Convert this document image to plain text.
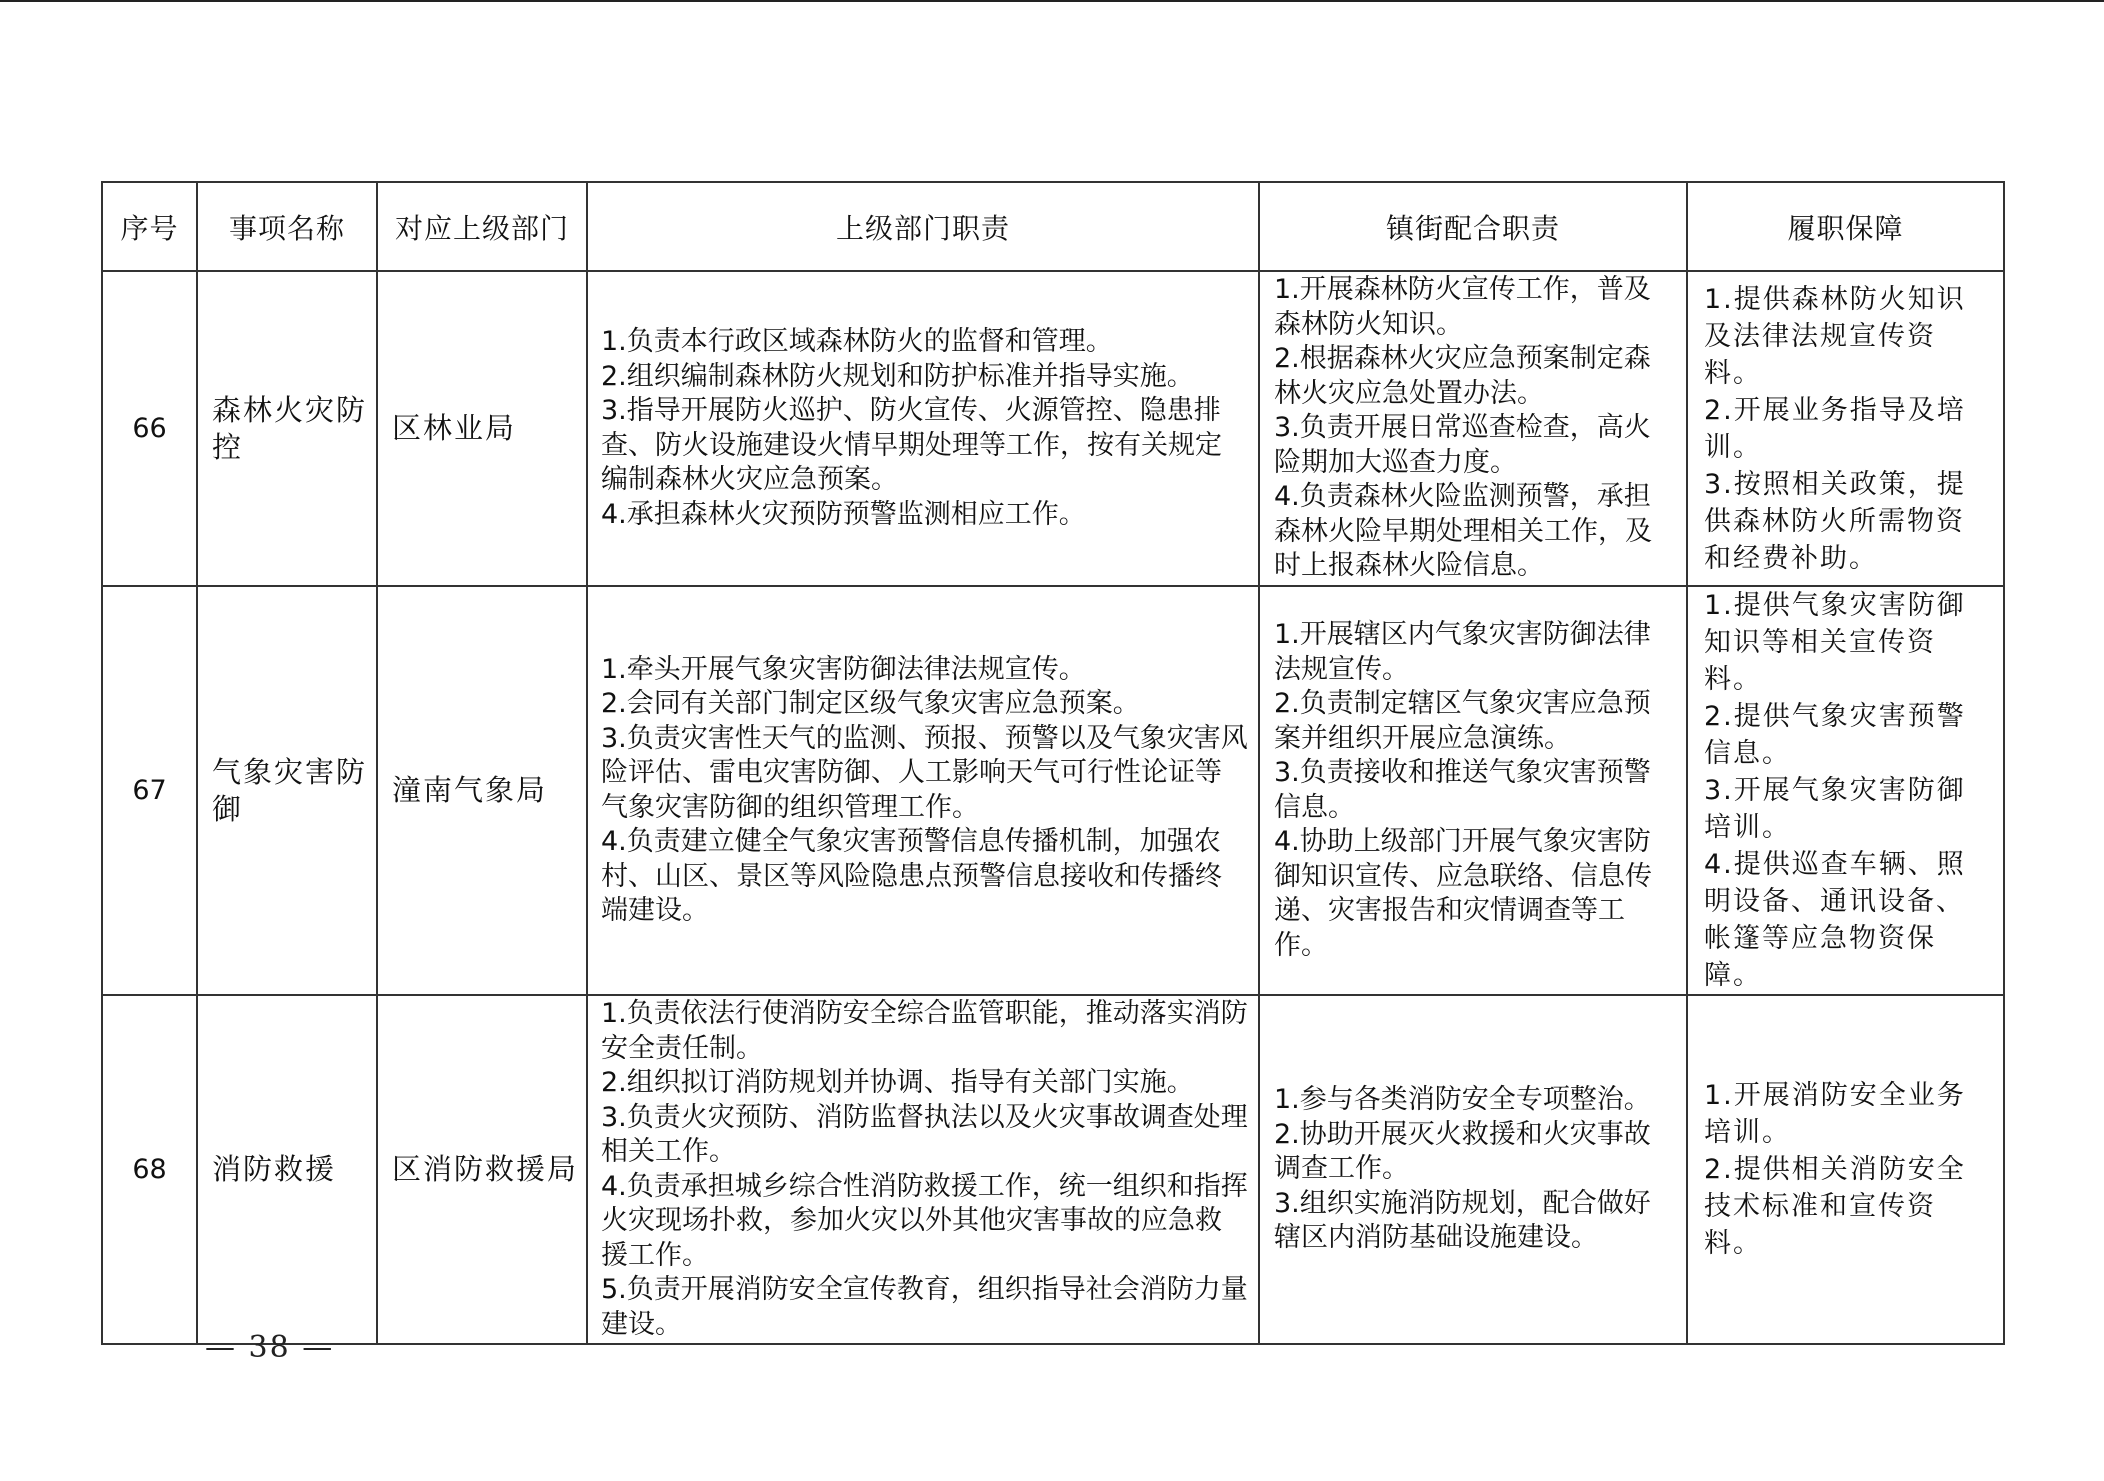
序号	事项名称	对应上级部门	上级部门职责	镇街配合职责	履职保障
66	森林火灾防控	区林业局	1.负责本行政区域森林防火的监督和管理。
2.组织编制森林防火规划和防护标准并指导实施。
3.指导开展防火巡护、防火宣传、火源管控、隐患排查、防火设施建设火情早期处理等工作，按有关规定编制森林火灾应急预案。
4.承担森林火灾预防预警监测相应工作。	1.开展森林防火宣传工作，普及森林防火知识。
2.根据森林火灾应急预案制定森林火灾应急处置办法。
3.负责开展日常巡查检查，高火险期加大巡查力度。
4.负责森林火险监测预警，承担森林火险早期处理相关工作，及时上报森林火险信息。	1.提供森林防火知识及法律法规宣传资料。
2.开展业务指导及培训。
3.按照相关政策，提供森林防火所需物资和经费补助。

67	气象灾害防御	潼南气象局	1.牵头开展气象灾害防御法律法规宣传。
2.会同有关部门制定区级气象灾害应急预案。
3.负责灾害性天气的监测、预报、预警以及气象灾害风险评估、雷电灾害防御、人工影响天气可行性论证等气象灾害防御的组织管理工作。
4.负责建立健全气象灾害预警信息传播机制，加强农村、山区、景区等风险隐患点预警信息接收和传播终端建设。	1.开展辖区内气象灾害防御法律法规宣传。
2.负责制定辖区气象灾害应急预案并组织开展应急演练。
3.负责接收和推送气象灾害预警信息。
4.协助上级部门开展气象灾害防御知识宣传、应急联络、信息传递、灾害报告和灾情调查等工作。	1.提供气象灾害防御知识等相关宣传资料。
2.提供气象灾害预警信息。
3.开展气象灾害防御培训。
4.提供巡查车辆、照明设备、通讯设备、帐篷等应急物资保障。

68	消防救援	区消防救援局	1.负责依法行使消防安全综合监管职能，推动落实消防安全责任制。
2.组织拟订消防规划并协调、指导有关部门实施。
3.负责火灾预防、消防监督执法以及火灾事故调查处理相关工作。
4.负责承担城乡综合性消防救援工作，统一组织和指挥火灾现场扑救，参加火灾以外其他灾害事故的应急救援工作。
5.负责开展消防安全宣传教育，组织指导社会消防力量建设。	1.参与各类消防安全专项整治。
2.协助开展灭火救援和火灾事故调查工作。
3.组织实施消防规划，配合做好辖区内消防基础设施建设。	1.开展消防安全业务培训。
2.提供相关消防安全技术标准和宣传资料。
— 38 —
